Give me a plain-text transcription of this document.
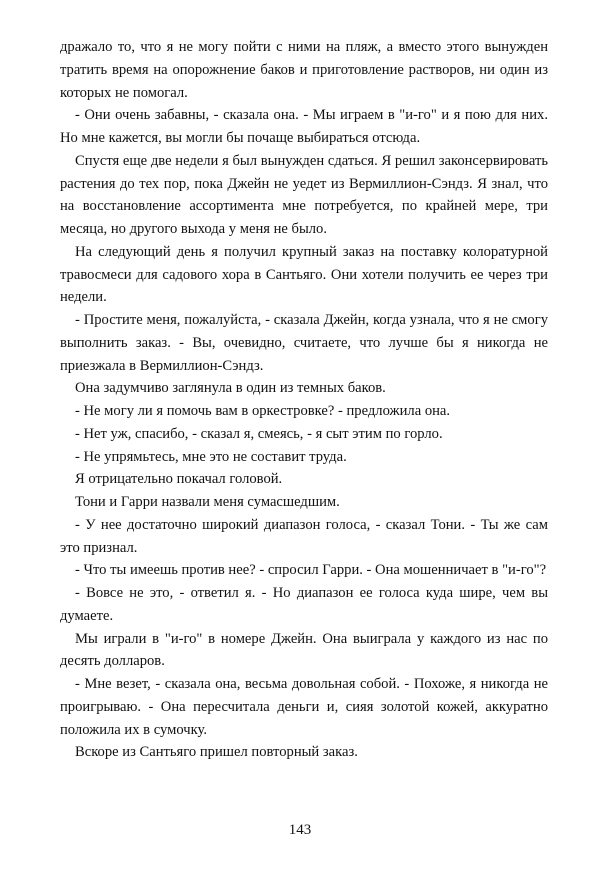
дражало то, что я не могу пойти с ними на пляж, а вместо этого вынужден тратить время на опорожнение баков и приготовление растворов, ни один из которых не помогал.

- Они очень забавны, - сказала она. - Мы играем в "и-го" и я пою для них. Но мне кажется, вы могли бы почаще выбираться отсюда.

Спустя еще две недели я был вынужден сдаться. Я решил законсервировать растения до тех пор, пока Джейн не уедет из Вермиллион-Сэндз. Я знал, что на восстановление ассортимента мне потребуется, по крайней мере, три месяца, но другого выхода у меня не было.

На следующий день я получил крупный заказ на поставку колоратурной травосмеси для садового хора в Сантьяго. Они хотели получить ее через три недели.

- Простите меня, пожалуйста, - сказала Джейн, когда узнала, что я не смогу выполнить заказ. - Вы, очевидно, считаете, что лучше бы я никогда не приезжала в Вермиллион-Сэндз.

Она задумчиво заглянула в один из темных баков.

- Не могу ли я помочь вам в оркестровке? - предложила она.

- Нет уж, спасибо, - сказал я, смеясь, - я сыт этим по горло.

- Не упрямьтесь, мне это не составит труда.

Я отрицательно покачал головой.

Тони и Гарри назвали меня сумасшедшим.

- У нее достаточно широкий диапазон голоса, - сказал Тони. - Ты же сам это признал.

- Что ты имеешь против нее? - спросил Гарри. - Она мошенничает в "и-го"?

- Вовсе не это, - ответил я. - Но диапазон ее голоса куда шире, чем вы думаете.

Мы играли в "и-го" в номере Джейн. Она выиграла у каждого из нас по десять долларов.

- Мне везет, - сказала она, весьма довольная собой. - Похоже, я никогда не проигрываю. - Она пересчитала деньги и, сияя золотой кожей, аккуратно положила их в сумочку.

Вскоре из Сантьяго пришел повторный заказ.

143
